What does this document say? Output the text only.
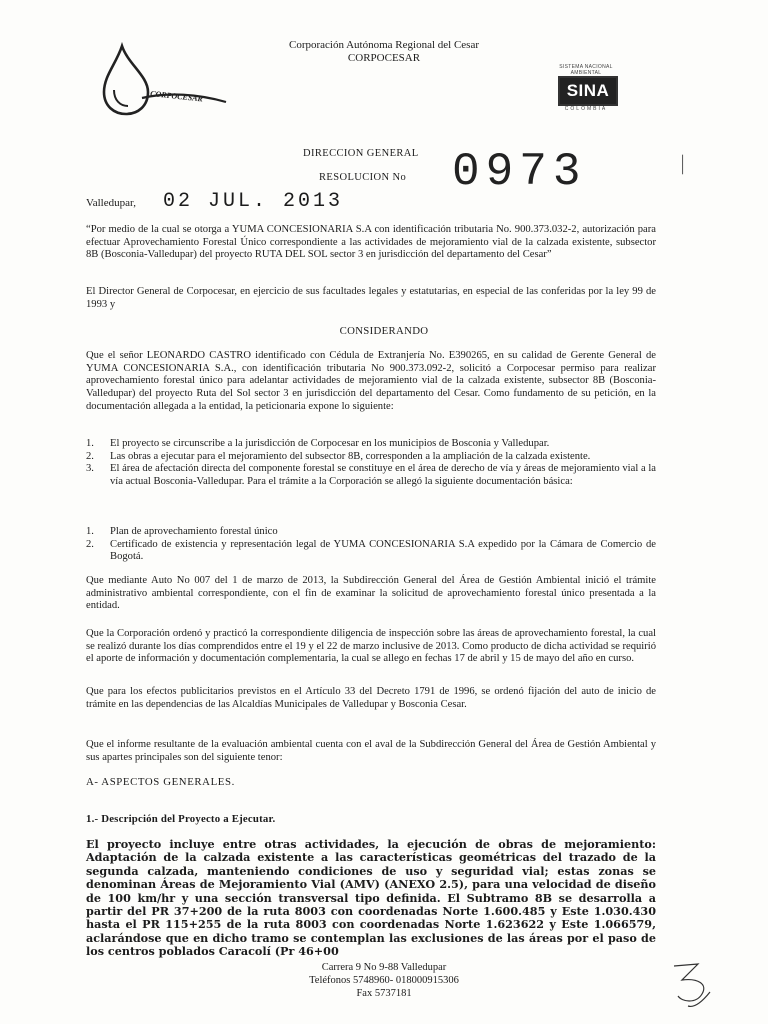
Corporación Autónoma Regional del Cesar
CORPOCESAR
CORPOCESAR
SISTEMA NACIONAL AMBIENTAL
SINA
COLOMBIA
DIRECCION GENERAL
RESOLUCION No 0973	ᛁ
Valledupar, 02 JUL. 2013
“Por medio de la cual se otorga a YUMA CONCESIONARIA S.A con identificación tributaria No. 900.373.032-2, autorización para efectuar Aprovechamiento Forestal Único correspondiente a las actividades de mejoramiento vial de la calzada existente, subsector 8B (Bosconia-Valledupar) del proyecto RUTA DEL SOL sector 3 en jurisdicción del departamento del Cesar”
El Director General de Corpocesar, en ejercicio de sus facultades legales y estatutarias, en especial de las conferidas por la ley 99 de 1993 y
CONSIDERANDO
Que el señor LEONARDO CASTRO identificado con Cédula de Extranjería No. E390265, en su calidad de Gerente General de YUMA CONCESIONARIA S.A., con identificación tributaria No 900.373.092-2, solicitó a Corpocesar permiso para realizar aprovechamiento forestal único para adelantar actividades de mejoramiento vial de la calzada existente, subsector 8B (Bosconia-Valledupar) del proyecto Ruta del Sol sector 3 en jurisdicción del departamento del Cesar. Como fundamento de su petición, en la documentación allegada a la entidad, la peticionaria expone lo siguiente:
1.	El proyecto se circunscribe a la jurisdicción de Corpocesar en los municipios de Bosconia y Valledupar.
2.	Las obras a ejecutar para el mejoramiento del subsector 8B, corresponden a la ampliación de la calzada existente.
3.	El área de afectación directa del componente forestal se constituye en el área de derecho de vía y áreas de mejoramiento vial a la vía actual Bosconia-Valledupar. Para el trámite a la Corporación se allegó la siguiente documentación básica:
1.	Plan de aprovechamiento forestal único
2.	Certificado de existencia y representación legal de YUMA CONCESIONARIA S.A expedido por la Cámara de Comercio de Bogotá.
Que mediante Auto No 007 del 1 de marzo de 2013, la Subdirección General del Área de Gestión Ambiental inició el trámite administrativo ambiental correspondiente, con el fin de examinar la solicitud de aprovechamiento forestal único presentada a la entidad.
Que la Corporación ordenó y practicó la correspondiente diligencia de inspección sobre las áreas de aprovechamiento forestal, la cual se realizó durante los días comprendidos entre el 19 y el 22 de marzo inclusive de 2013. Como producto de dicha actividad se requirió el aporte de información y documentación complementaria, la cual se allego en fechas 17 de abril y 15 de mayo del año en curso.
Que para los efectos publicitarios previstos en el Artículo 33 del Decreto 1791 de 1996, se ordenó fijación del auto de inicio de trámite en las dependencias de las Alcaldías Municipales de Valledupar y Bosconia Cesar.
Que el informe resultante de la evaluación ambiental cuenta con el aval de la Subdirección General del Área de Gestión Ambiental y sus apartes principales son del siguiente tenor:
A- ASPECTOS GENERALES.
1.- Descripción del Proyecto a Ejecutar.
El proyecto incluye entre otras actividades, la ejecución de obras de mejoramiento: Adaptación de la calzada existente a las características geométricas del trazado de la segunda calzada, manteniendo condiciones de uso y seguridad vial; estas zonas se denominan Áreas de Mejoramiento Vial (AMV) (ANEXO 2.5), para una velocidad de diseño de 100 km/hr y una sección transversal tipo definida. El Subtramo 8B se desarrolla a partir del PR 37+200 de la ruta 8003 con coordenadas Norte 1.600.485 y Este 1.030.430 hasta el PR 115+255 de la ruta 8003 con coordenadas Norte 1.623622 y Este 1.066579, aclarándose que en dicho tramo se contemplan las exclusiones de las áreas por el paso de los centros poblados Caracolí (Pr 46+00
Carrera 9 No 9-88 Valledupar
Teléfonos 5748960- 018000915306
Fax 5737181
